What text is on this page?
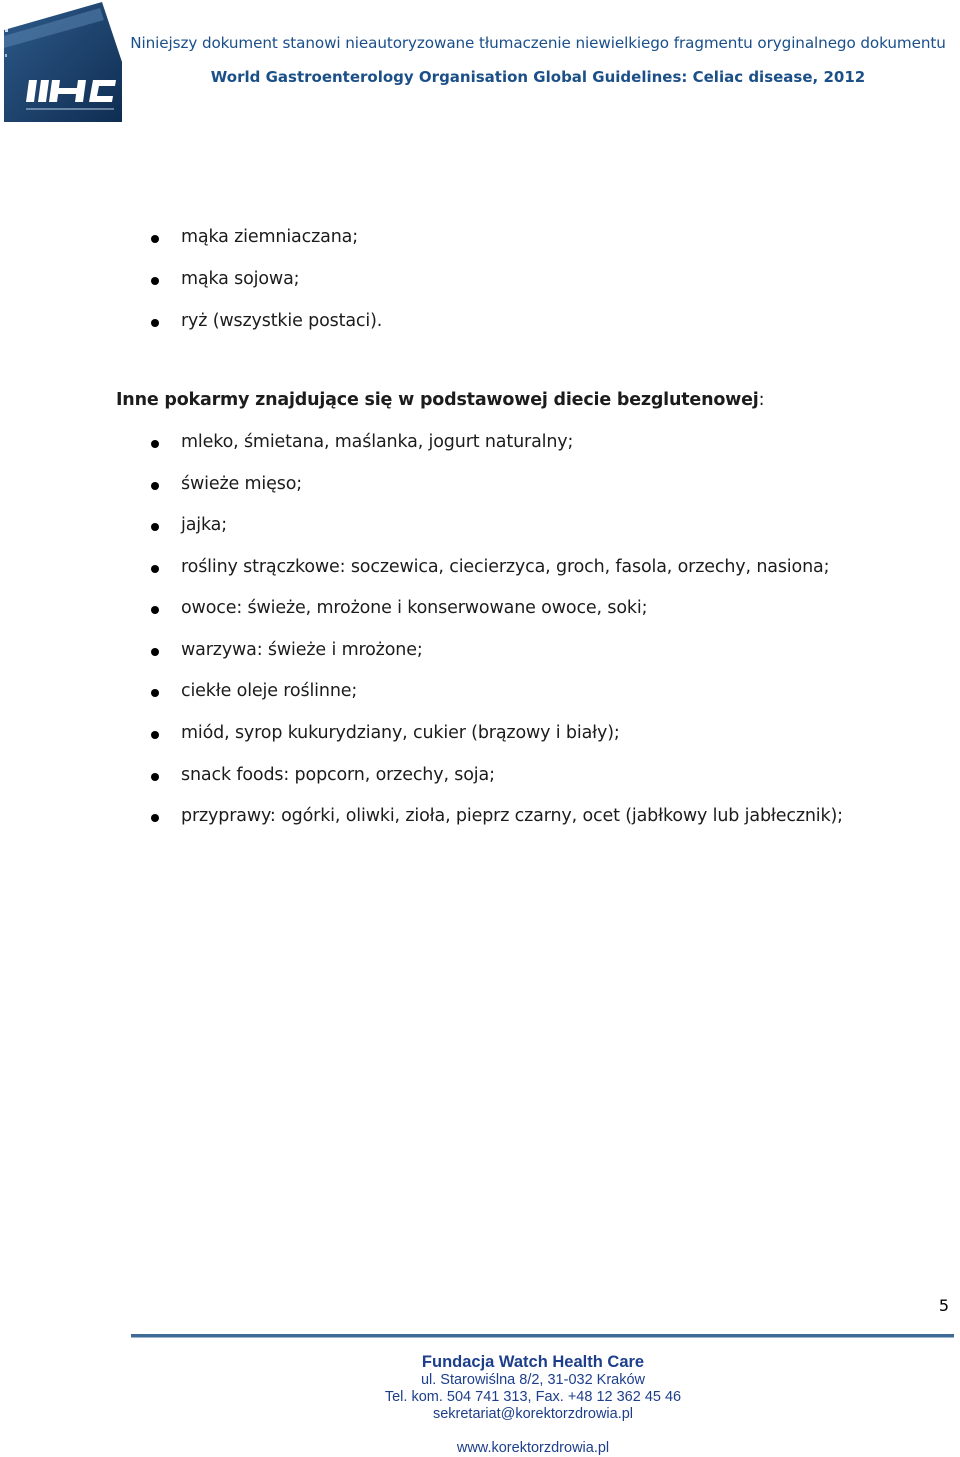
Niniejszy dokument stanowi nieautoryzowane tłumaczenie niewielkiego fragmentu oryginalnego dokumentu
World Gastroenterology Organisation Global Guidelines: Celiac disease, 2012
mąka ziemniaczana;
mąka sojowa;
ryż (wszystkie postaci).
Inne pokarmy znajdujące się w podstawowej diecie bezglutenowej:
mleko, śmietana, maślanka, jogurt naturalny;
świeże mięso;
jajka;
rośliny strączkowe: soczewica, ciecierzyca, groch, fasola, orzechy, nasiona;
owoce: świeże, mrożone i konserwowane owoce, soki;
warzywa: świeże i mrożone;
ciekłe oleje roślinne;
miód, syrop kukurydziany, cukier (brązowy i biały);
snack foods: popcorn, orzechy, soja;
przyprawy: ogórki, oliwki, zioła, pieprz czarny, ocet (jabłkowy lub jabłecznik);
5
Fundacja Watch Health Care
ul. Starowiślna 8/2, 31-032 Kraków
Tel. kom. 504 741 313, Fax. +48 12 362 45 46
sekretariat@korektorzdrowia.pl
www.korektorzdrowia.pl
